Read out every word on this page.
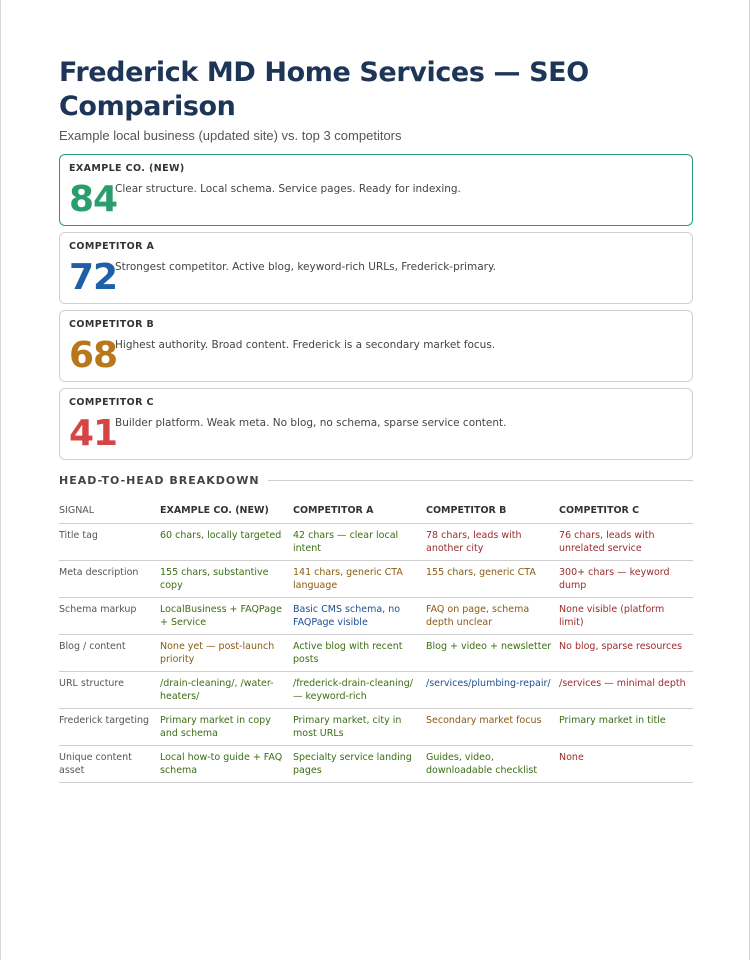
Frederick MD Home Services — SEO Comparison
Example local business (updated site) vs. top 3 competitors
EXAMPLE CO. (NEW)
84
Clear structure. Local schema. Service pages. Ready for indexing.
COMPETITOR A
72
Strongest competitor. Active blog, keyword-rich URLs, Frederick-primary.
COMPETITOR B
68
Highest authority. Broad content. Frederick is a secondary market focus.
COMPETITOR C
41
Builder platform. Weak meta. No blog, no schema, sparse service content.
HEAD-TO-HEAD BREAKDOWN
SIGNAL	EXAMPLE CO. (NEW)	COMPETITOR A	COMPETITOR B	COMPETITOR C
Title tag	60 chars, locally targeted	42 chars — clear local intent	78 chars, leads with another city	76 chars, leads with unrelated service
Meta description	155 chars, substantive copy	141 chars, generic CTA language	155 chars, generic CTA	300+ chars — keyword dump
Schema markup	LocalBusiness + FAQPage + Service	Basic CMS schema, no FAQPage visible	FAQ on page, schema depth unclear	None visible (platform limit)
Blog / content	None yet — post-launch priority	Active blog with recent posts	Blog + video + newsletter	No blog, sparse resources
URL structure	/drain-cleaning/, /water-heaters/	/frederick-drain-cleaning/ — keyword-rich	/services/plumbing-repair/	/services — minimal depth
Frederick targeting	Primary market in copy and schema	Primary market, city in most URLs	Secondary market focus	Primary market in title
Unique content asset	Local how-to guide + FAQ schema	Specialty service landing pages	Guides, video, downloadable checklist	None
